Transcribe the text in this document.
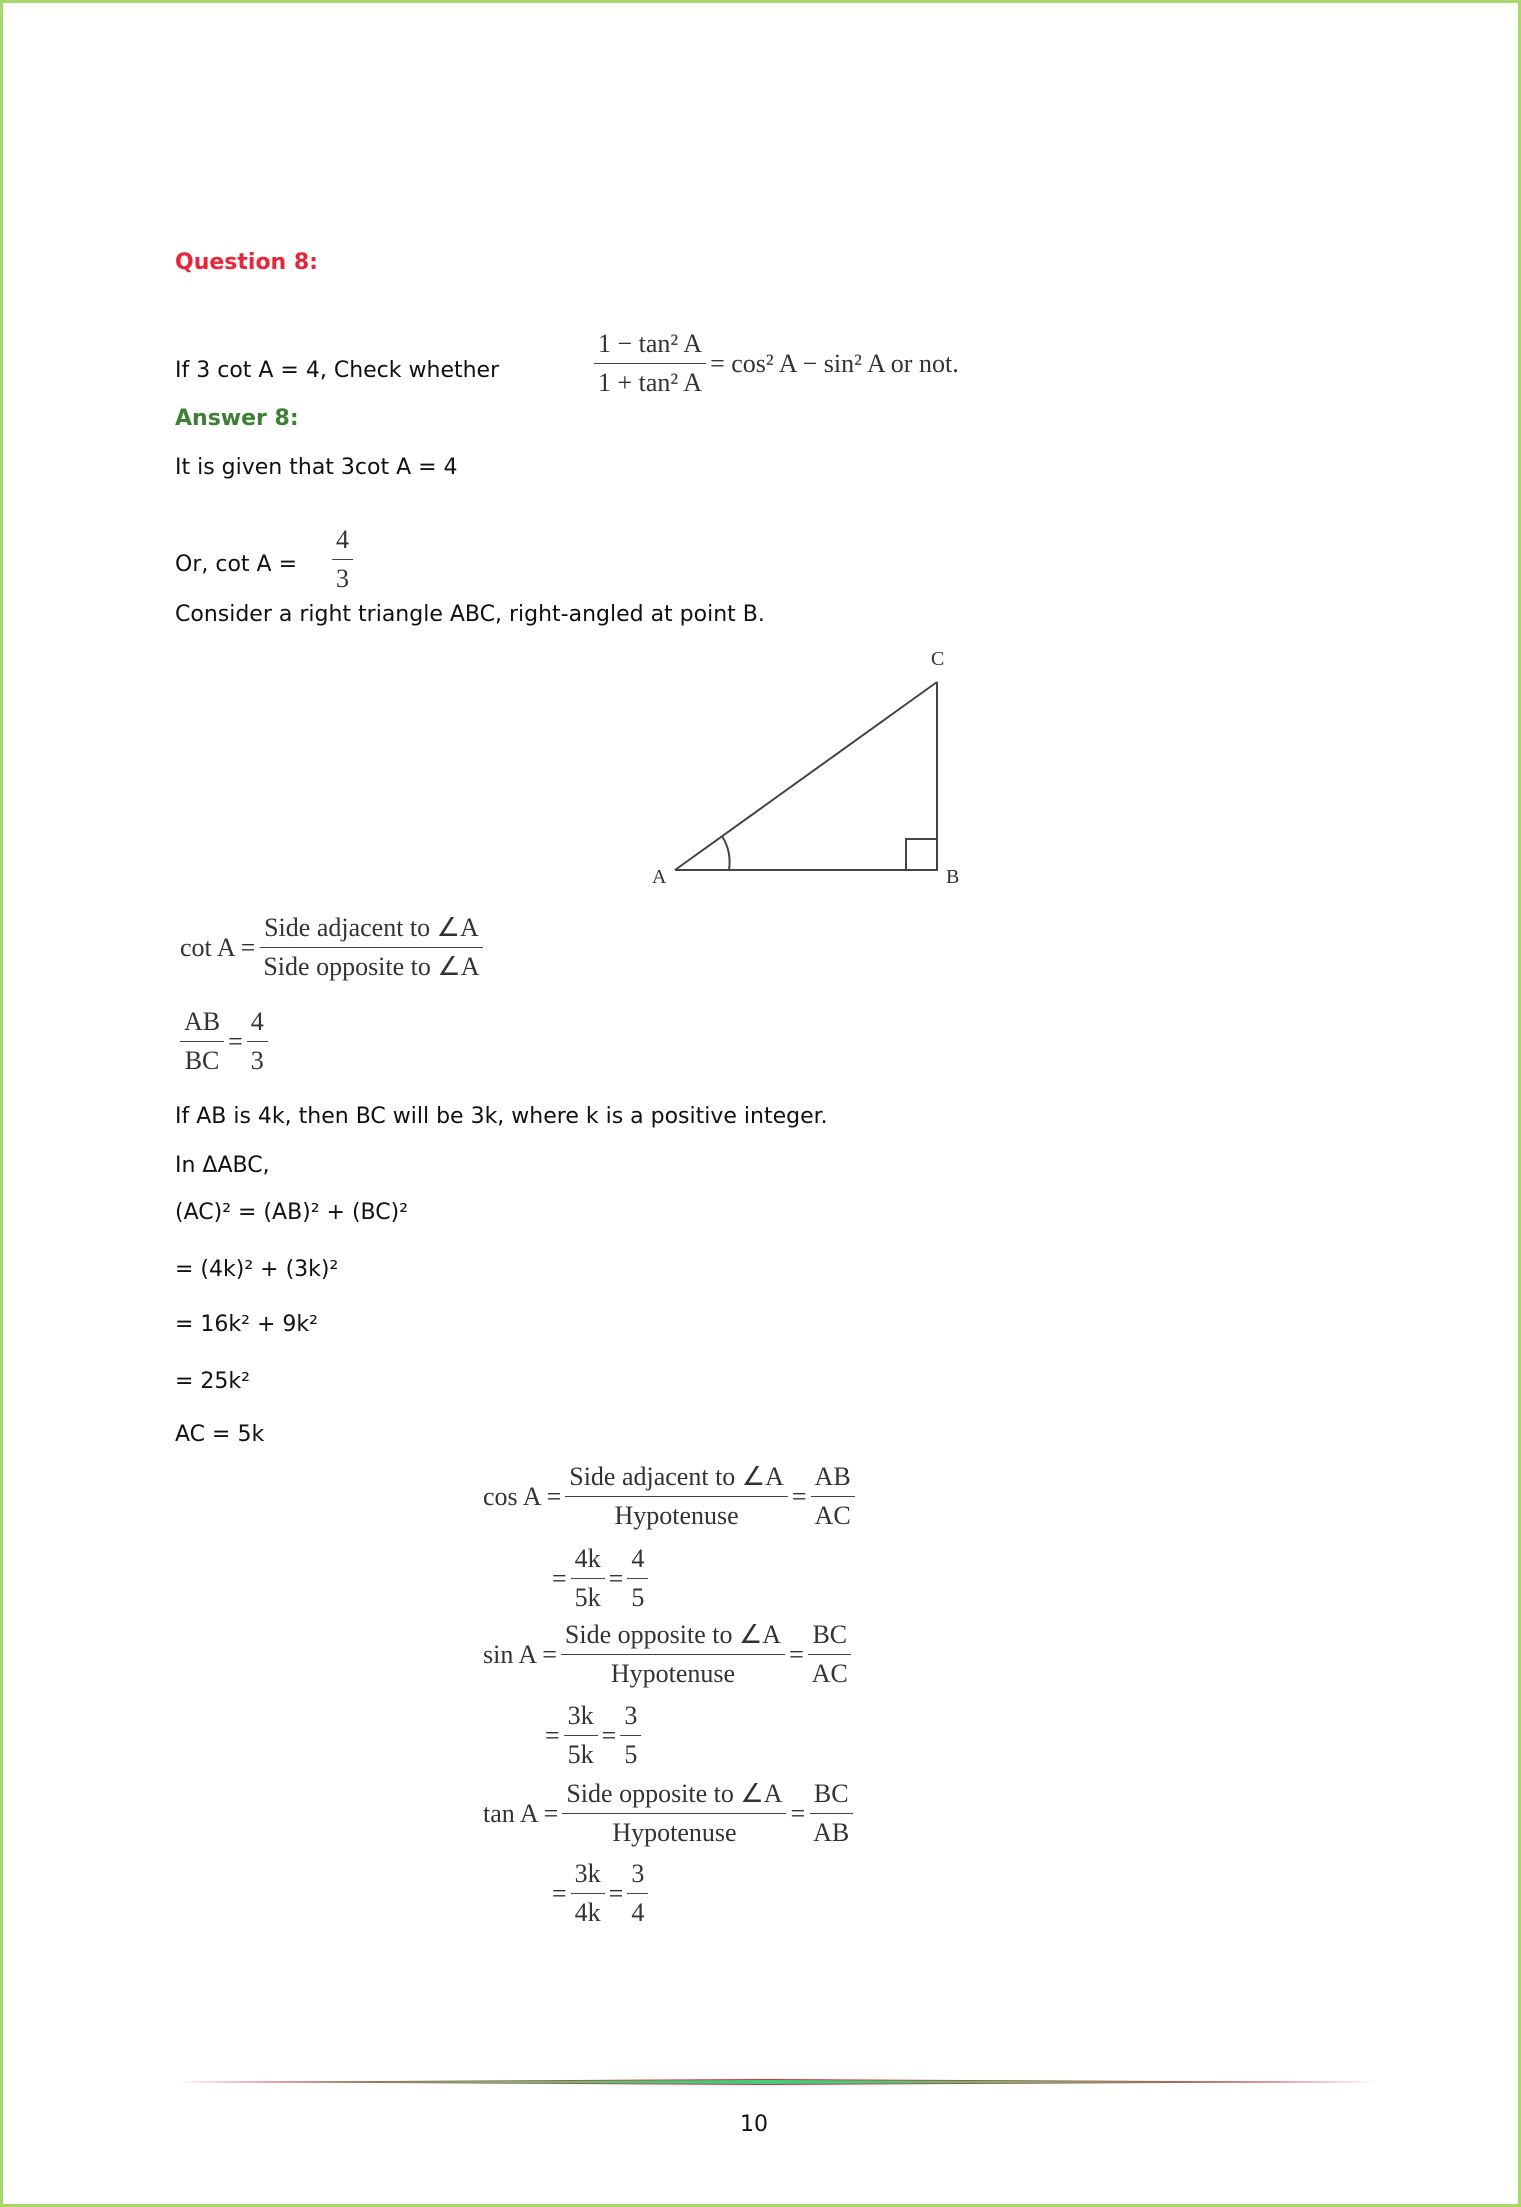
Question 8:
If 3 cot A = 4, Check whether	$\frac{\text{1 − tan² A}}{\text{1 + tan² A}} = \cos^2$ A − sin² A or not.
Answer 8:
It is given that 3cot A = 4
Or, $\cot A = \frac{4}{3}$
Consider a right triangle ABC, right-angled at point B.
A	B
C
$\cot A = \frac{\text{Side adjacent to ∠A}}{\text{Side opposite to ∠A}}$
$\frac{AB}{BC} = \frac{4}{3}$
If AB is 4k, then BC will be 3k, where k is a positive integer.
In ΔABC,
(AC)² = (AB)² + (BC)²
= (4k)² + (3k)²
= 16k² + 9k²
= 25k²
AC = 5k
$\cos A = \frac{\text{Side adjacent to ∠A}}{\text{Hypotenuse}} = \frac{AB}{AC}$
= $\frac{4k}{5k} = \frac{4}{5}$
$\sin A = \frac{\text{Side opposite to ∠A}}{\text{Hypotenuse}} = \frac{BC}{AC}$
= $\frac{3k}{5k} = \frac{3}{5}$
$\tan A = \frac{\text{Side opposite to ∠A}}{\text{Hypotenuse}} = \frac{BC}{AB}$
= $\frac{3k}{4k} = \frac{3}{4}$
10
